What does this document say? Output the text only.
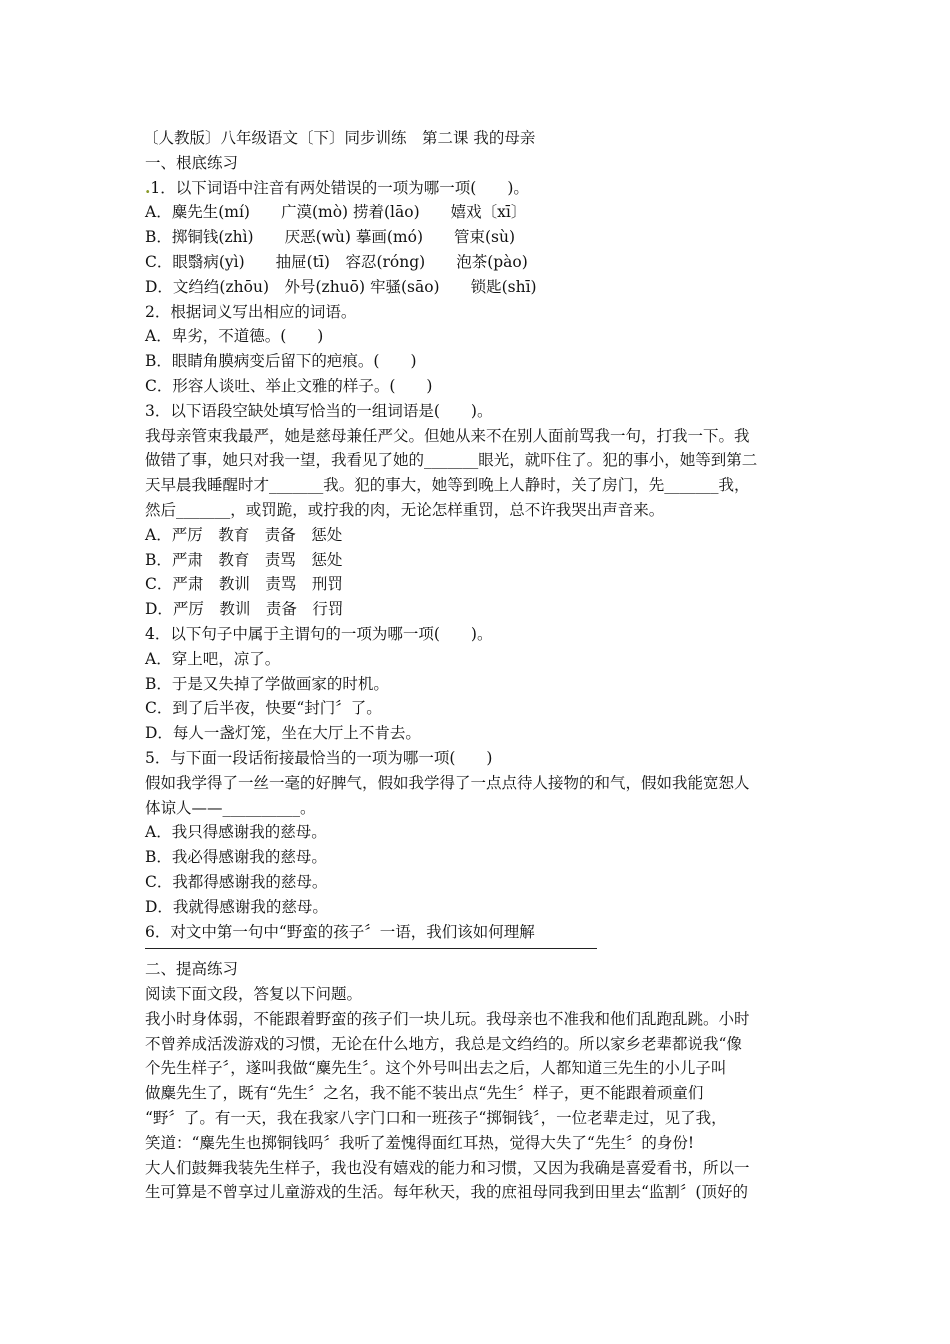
〔人教版〕八年级语文〔下〕同步训练　第二课 我的母亲
一、根底练习
.1．以下词语中注音有两处错误的一项为哪一项(　　)。
A．麋先生(mí)　　广漠(mò) 捞着(lāo)　　嬉戏〔xī〕
B．掷铜钱(zhì)　　厌恶(wù) 摹画(mó)　　管束(sù)
C．眼翳病(yì)　　抽屉(tī)　容忍(róng)　　泡茶(pào)
D．文绉绉(zhōu)　外号(zhuō) 牢骚(sāo)　　锁匙(shī)
2．根据词义写出相应的词语。
A．卑劣，不道德。(　　)
B．眼睛角膜病变后留下的疤痕。(　　)
C．形容人谈吐、举止文雅的样子。(　　)
3．以下语段空缺处填写恰当的一组词语是(　　)。
我母亲管束我最严，她是慈母兼任严父。但她从来不在别人面前骂我一句，打我一下。我
做错了事，她只对我一望，我看见了她的_______眼光，就吓住了。犯的事小，她等到第二
天早晨我睡醒时才_______我。犯的事大，她等到晚上人静时，关了房门，先_______我，
然后_______，或罚跪，或拧我的肉，无论怎样重罚，总不许我哭出声音来。
A．严厉　教育　责备　惩处
B．严肃　教育　责骂　惩处
C．严肃　教训　责骂　刑罚
D．严厉　教训　责备　行罚
4．以下句子中属于主谓句的一项为哪一项(　　)。
A．穿上吧，凉了。
B．于是又失掉了学做画家的时机。
C．到了后半夜，快要“封门〞了。
D．每人一盏灯笼，坐在大厅上不肯去。
5．与下面一段话衔接最恰当的一项为哪一项(　　)
假如我学得了一丝一毫的好脾气，假如我学得了一点点待人接物的和气，假如我能宽恕人
体谅人——__________。
A．我只得感谢我的慈母。
B．我必得感谢我的慈母。
C．我都得感谢我的慈母。
D．我就得感谢我的慈母。
6．对文中第一句中“野蛮的孩子〞一语，我们该如何理解
二、提高练习
阅读下面文段，答复以下问题。
我小时身体弱，不能跟着野蛮的孩子们一块儿玩。我母亲也不准我和他们乱跑乱跳。小时
不曾养成活泼游戏的习惯，无论在什么地方，我总是文绉绉的。所以家乡老辈都说我“像
个先生样子〞，遂叫我做“麋先生〞。这个外号叫出去之后，人都知道三先生的小儿子叫
做麋先生了，既有“先生〞之名，我不能不装出点“先生〞样子，更不能跟着顽童们
“野〞了。有一天，我在我家八字门口和一班孩子“掷铜钱〞，一位老辈走过，见了我，
笑道：“麋先生也掷铜钱吗〞我听了羞愧得面红耳热，觉得大失了“先生〞的身份!
大人们鼓舞我装先生样子，我也没有嬉戏的能力和习惯，又因为我确是喜爱看书，所以一
生可算是不曾享过儿童游戏的生活。每年秋天，我的庶祖母同我到田里去“监割〞(顶好的
